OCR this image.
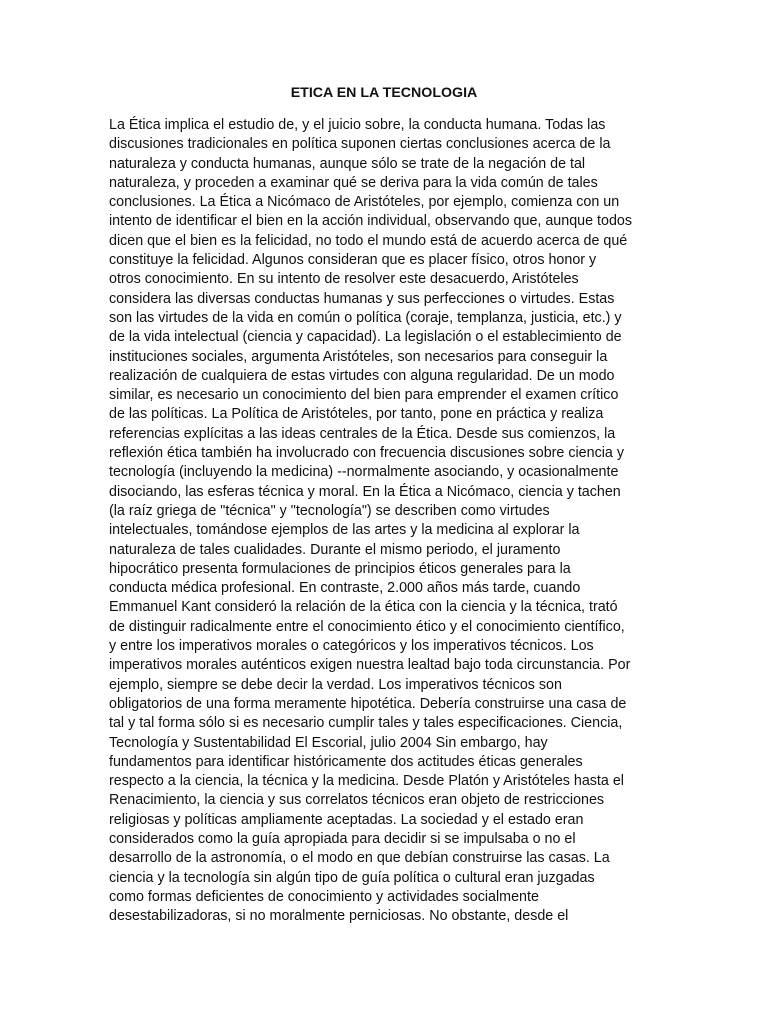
ETICA EN LA TECNOLOGIA
La Ética implica el estudio de, y el juicio sobre, la conducta humana. Todas las
discusiones tradicionales en política suponen ciertas conclusiones acerca de la
naturaleza y conducta humanas, aunque sólo se trate de la negación de tal
naturaleza, y proceden a examinar qué se deriva para la vida común de tales
conclusiones. La Ética a Nicómaco de Aristóteles, por ejemplo, comienza con un
intento de identificar el bien en la acción individual, observando que, aunque todos
dicen que el bien es la felicidad, no todo el mundo está de acuerdo acerca de qué
constituye la felicidad. Algunos consideran que es placer físico, otros honor y
otros conocimiento. En su intento de resolver este desacuerdo, Aristóteles
considera las diversas conductas humanas y sus perfecciones o virtudes. Estas
son las virtudes de la vida en común o política (coraje, templanza, justicia, etc.) y
de la vida intelectual (ciencia y capacidad). La legislación o el establecimiento de
instituciones sociales, argumenta Aristóteles, son necesarios para conseguir la
realización de cualquiera de estas virtudes con alguna regularidad. De un modo
similar, es necesario un conocimiento del bien para emprender el examen crítico
de las políticas. La Política de Aristóteles, por tanto, pone en práctica y realiza
referencias explícitas a las ideas centrales de la Ética. Desde sus comienzos, la
reflexión ética también ha involucrado con frecuencia discusiones sobre ciencia y
tecnología (incluyendo la medicina) --normalmente asociando, y ocasionalmente
disociando, las esferas técnica y moral. En la Ética a Nicómaco, ciencia y tachen
(la raíz griega de "técnica" y "tecnología") se describen como virtudes
intelectuales, tomándose ejemplos de las artes y la medicina al explorar la
naturaleza de tales cualidades. Durante el mismo periodo, el juramento
hipocrático presenta formulaciones de principios éticos generales para la
conducta médica profesional. En contraste, 2.000 años más tarde, cuando
Emmanuel Kant consideró la relación de la ética con la ciencia y la técnica, trató
de distinguir radicalmente entre el conocimiento ético y el conocimiento científico,
y entre los imperativos morales o categóricos y los imperativos técnicos. Los
imperativos morales auténticos exigen nuestra lealtad bajo toda circunstancia. Por
ejemplo, siempre se debe decir la verdad. Los imperativos técnicos son
obligatorios de una forma meramente hipotética. Debería construirse una casa de
tal y tal forma sólo si es necesario cumplir tales y tales especificaciones. Ciencia,
Tecnología y Sustentabilidad El Escorial, julio 2004 Sin embargo, hay
fundamentos para identificar históricamente dos actitudes éticas generales
respecto a la ciencia, la técnica y la medicina. Desde Platón y Aristóteles hasta el
Renacimiento, la ciencia y sus correlatos técnicos eran objeto de restricciones
religiosas y políticas ampliamente aceptadas. La sociedad y el estado eran
considerados como la guía apropiada para decidir si se impulsaba o no el
desarrollo de la astronomía, o el modo en que debían construirse las casas. La
ciencia y la tecnología sin algún tipo de guía política o cultural eran juzgadas
como formas deficientes de conocimiento y actividades socialmente
desestabilizadoras, si no moralmente perniciosas. No obstante, desde el
